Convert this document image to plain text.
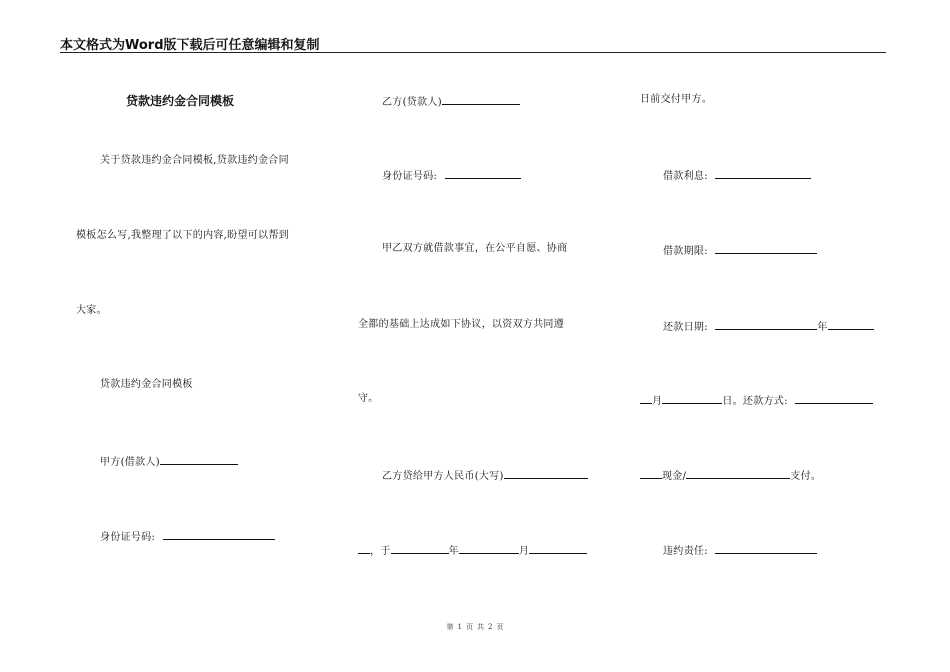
本文格式为Word版下载后可任意编辑和复制
贷款违约金合同模板
关于贷款违约金合同模板,贷款违约金合同
模板怎么写,我整理了以下的内容,盼望可以帮到
大家。
贷款违约金合同模板
甲方(借款人)
身份证号码:
乙方(贷款人)
身份证号码:
甲乙双方就借款事宜，在公平自愿、协商
全都的基础上达成如下协议，以资双方共同遵
守。
乙方贷给甲方人民币(大写)
，于	年	月
日前交付甲方。
借款利息:
借款期限:
还款日期:	年
月	日。还款方式:
现金/	支付。
违约责任:
第 1 页 共 2 页
